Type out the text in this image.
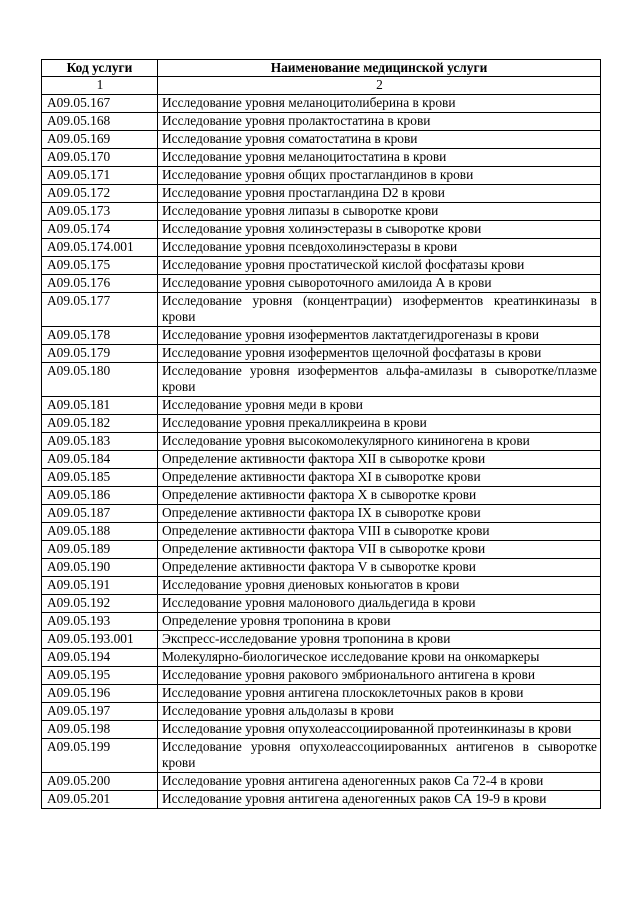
Код услуги	Наименование медицинской услуги
1	2
A09.05.167	Исследование уровня меланоцитолиберина в крови
A09.05.168	Исследование уровня пролактостатина в крови
A09.05.169	Исследование уровня соматостатина в крови
A09.05.170	Исследование уровня меланоцитостатина в крови
A09.05.171	Исследование уровня общих простагландинов в крови
A09.05.172	Исследование уровня простагландина D2 в крови
A09.05.173	Исследование уровня липазы в сыворотке крови
A09.05.174	Исследование уровня холинэстеразы в сыворотке крови
A09.05.174.001	Исследование уровня псевдохолинэстеразы в крови
A09.05.175	Исследование уровня простатической кислой фосфатазы крови
A09.05.176	Исследование уровня сывороточного амилоида А в крови
A09.05.177	Исследование уровня (концентрации) изоферментов креатинкиназы в крови
A09.05.178	Исследование уровня изоферментов лактатдегидрогеназы в крови
A09.05.179	Исследование уровня изоферментов щелочной фосфатазы в крови
A09.05.180	Исследование уровня изоферментов альфа-амилазы в сыворотке/плазме крови
A09.05.181	Исследование уровня меди в крови
A09.05.182	Исследование уровня прекалликреина в крови
A09.05.183	Исследование уровня высокомолекулярного кининогена в крови
A09.05.184	Определение активности фактора XII в сыворотке крови
A09.05.185	Определение активности фактора XI в сыворотке крови
A09.05.186	Определение активности фактора X в сыворотке крови
A09.05.187	Определение активности фактора IX в сыворотке крови
A09.05.188	Определение активности фактора VIII в сыворотке крови
A09.05.189	Определение активности фактора VII в сыворотке крови
A09.05.190	Определение активности фактора V в сыворотке крови
A09.05.191	Исследование уровня диеновых коньюгатов в крови
A09.05.192	Исследование уровня малонового диальдегида в крови
A09.05.193	Определение уровня тропонина в крови
A09.05.193.001	Экспресс-исследование уровня тропонина в крови
A09.05.194	Молекулярно-биологическое исследование крови на онкомаркеры
A09.05.195	Исследование уровня ракового эмбрионального антигена в крови
A09.05.196	Исследование уровня антигена плоскоклеточных раков в крови
A09.05.197	Исследование уровня альдолазы в крови
A09.05.198	Исследование уровня опухолеассоциированной протеинкиназы в крови
A09.05.199	Исследование уровня опухолеассоциированных антигенов в сыворотке крови
A09.05.200	Исследование уровня антигена аденогенных раков Са 72-4 в крови
A09.05.201	Исследование уровня антигена аденогенных раков СА 19-9 в крови
